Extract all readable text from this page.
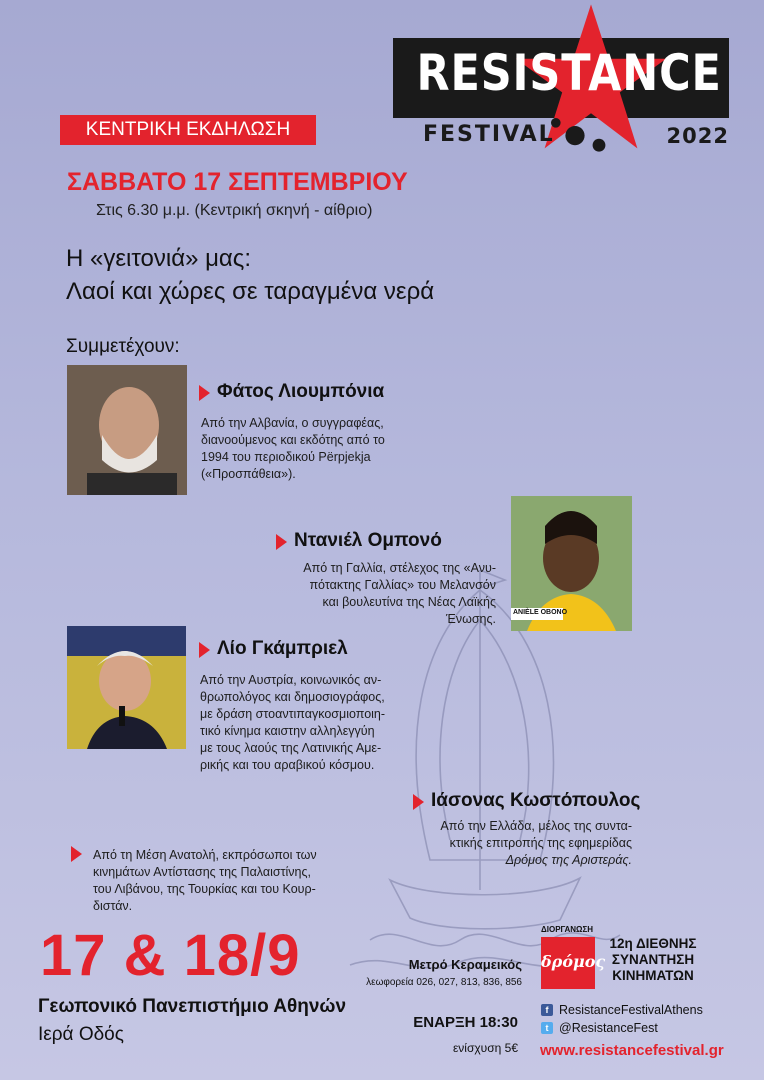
RESISTANCE
FESTIVAL	2022
ΚΕΝΤΡΙΚΗ ΕΚΔΗΛΩΣΗ
ΣΑΒΒΑΤΟ 17 ΣΕΠΤΕΜΒΡΙΟΥ
Στις 6.30 μ.μ. (Κεντρική σκηνή - αίθριο)
Η «γειτονιά» μας:
Λαοί και χώρες σε ταραγμένα νερά
Συμμετέχουν:
Φάτος Λιουμπόνια
Από την Αλβανία, ο συγγραφέας,
διανοούμενος και εκδότης από το
1994 του περιοδικού Përpjekja
(«Προσπάθεια»).
Ντανιέλ Ομπονό
Από τη Γαλλία, στέλεχος της «Ανυ-
πότακτης Γαλλίας» του Μελανσόν
και βουλευτίνα της Νέας Λαϊκής
Ένωσης. ANIÈLE OBONO
Λίο Γκάμπριελ
Από την Αυστρία, κοινωνικός αν-
θρωπολόγος και δημοσιογράφος,
με δράση στοαντιπαγκοσμιοποιη-
τικό κίνημα καιστην αλληλεγγύη
με τους λαούς της Λατινικής Αμε-
ρικής και του αραβικού κόσμου.
Ιάσονας Κωστόπουλος
Από την Ελλάδα, μέλος της συντα-
κτικής επιτροπής της εφημερίδας
Δρόμος της Αριστεράς.
Από τη Μέση Ανατολή, εκπρόσωποι των
κινημάτων Αντίστασης της Παλαιστίνης,
του Λιβάνου, της Τουρκίας και του Κουρ-
διστάν.
17 & 18/9
Γεωπονικό Πανεπιστήμιο Αθηνών
Ιερά Οδός
Μετρό Κεραμεικός
λεωφορεία 026, 027, 813, 836, 856
ΕΝΑΡΞΗ 18:30
ενίσχυση 5€
ΔΙΟΡΓΑΝΩΣΗ
δρόμος
12η ΔΙΕΘΝΗΣ
ΣΥΝΑΝΤΗΣΗ
ΚΙΝΗΜΑΤΩΝ
f ResistanceFestivalAthens
t @ResistanceFest
www.resistancefestival.gr
